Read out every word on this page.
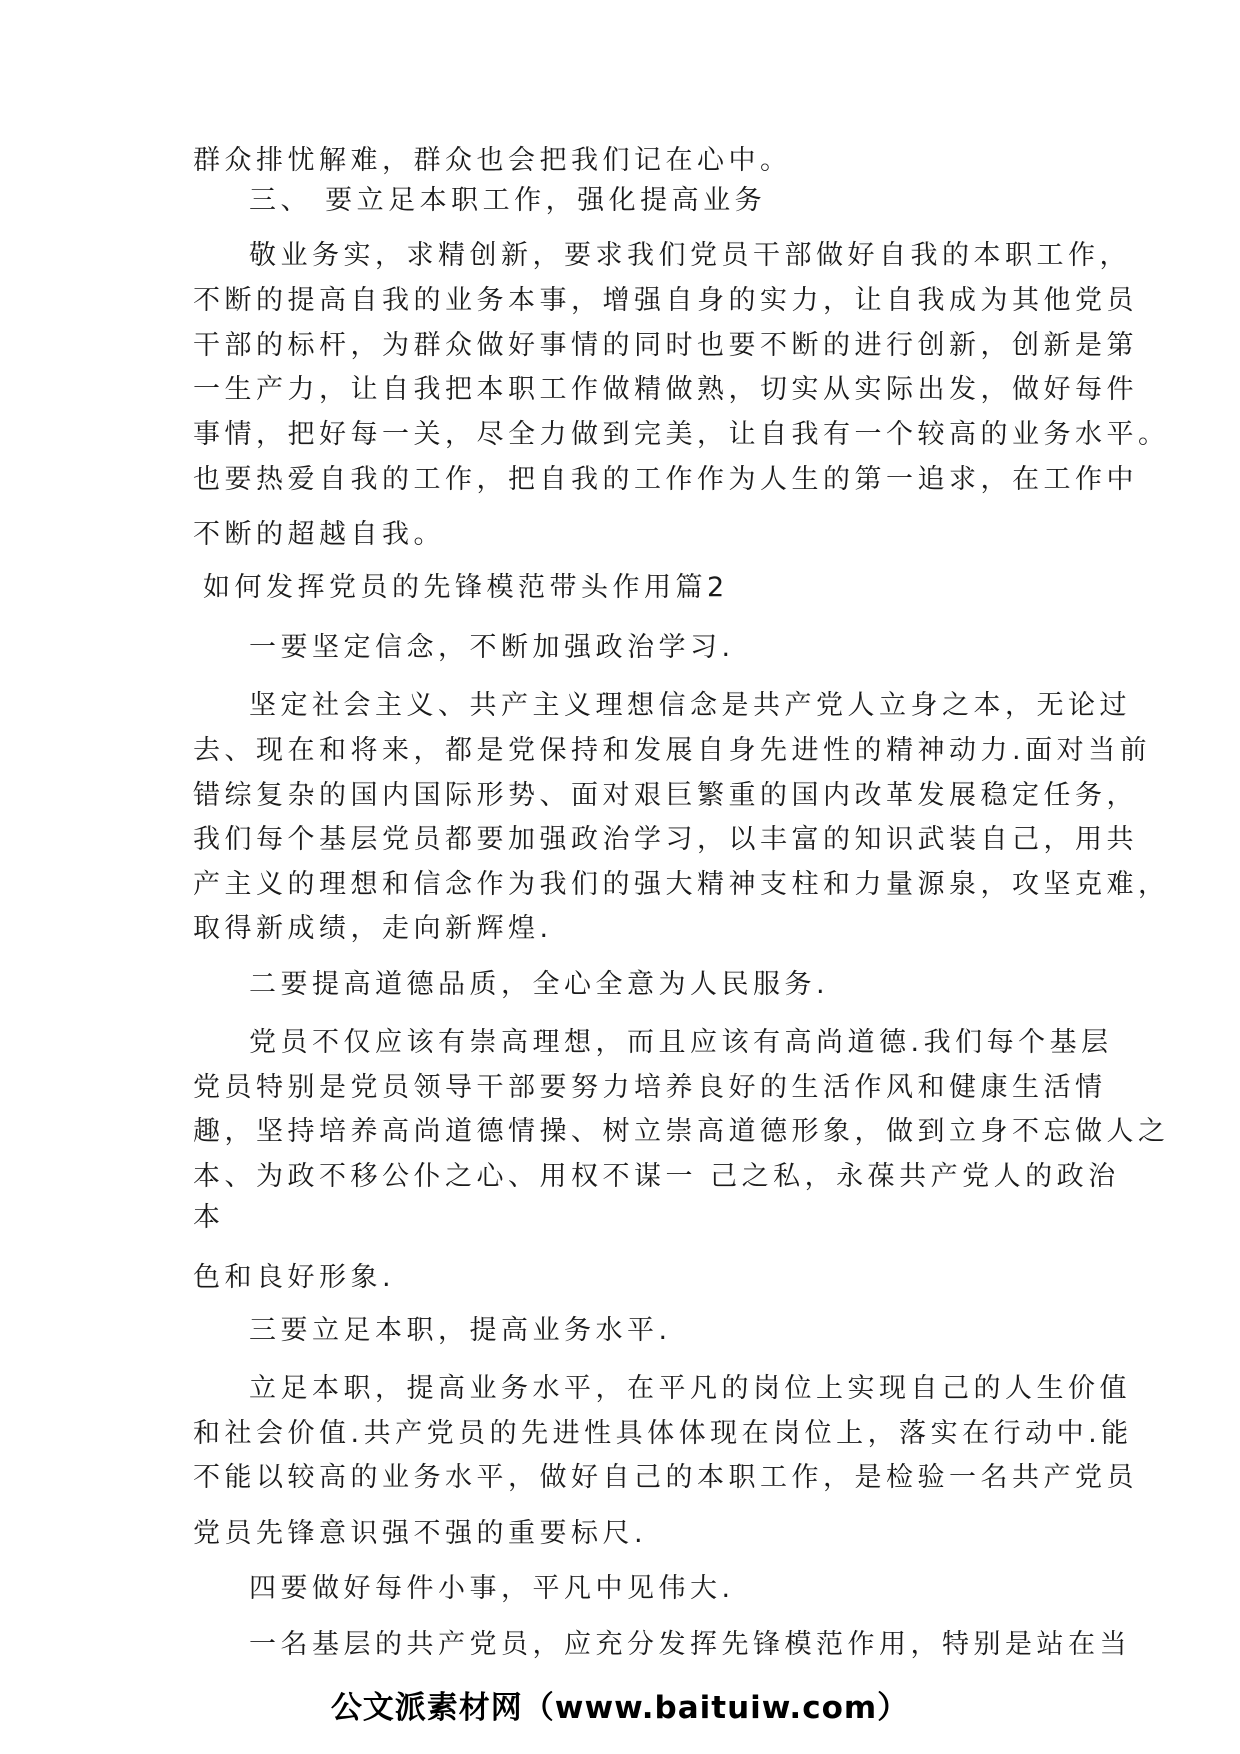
群众排忧解难，群众也会把我们记在心中。
三、 要立足本职工作，强化提高业务
敬业务实，求精创新，要求我们党员干部做好自我的本职工作，
不断的提高自我的业务本事，增强自身的实力，让自我成为其他党员
干部的标杆，为群众做好事情的同时也要不断的进行创新，创新是第
一生产力，让自我把本职工作做精做熟，切实从实际出发，做好每件
事情，把好每一关，尽全力做到完美，让自我有一个较高的业务水平。
也要热爱自我的工作，把自我的工作作为人生的第一追求，在工作中
不断的超越自我。
如何发挥党员的先锋模范带头作用篇2
一要坚定信念，不断加强政治学习.
坚定社会主义、共产主义理想信念是共产党人立身之本，无论过
去、现在和将来，都是党保持和发展自身先进性的精神动力.面对当前
错综复杂的国内国际形势、面对艰巨繁重的国内改革发展稳定任务，
我们每个基层党员都要加强政治学习，以丰富的知识武装自己，用共
产主义的理想和信念作为我们的强大精神支柱和力量源泉，攻坚克难，
取得新成绩，走向新辉煌.
二要提高道德品质，全心全意为人民服务.
党员不仅应该有崇高理想，而且应该有高尚道德.我们每个基层
党员特别是党员领导干部要努力培养良好的生活作风和健康生活情
趣，坚持培养高尚道德情操、树立崇高道德形象，做到立身不忘做人之
本、为政不移公仆之心、用权不谋一 己之私，永葆共产党人的政治
本
色和良好形象.
三要立足本职，提高业务水平.
立足本职，提高业务水平，在平凡的岗位上实现自己的人生价值
和社会价值.共产党员的先进性具体体现在岗位上，落实在行动中.能
不能以较高的业务水平，做好自己的本职工作，是检验一名共产党员
党员先锋意识强不强的重要标尺.
四要做好每件小事，平凡中见伟大.
一名基层的共产党员，应充分发挥先锋模范作用，特别是站在当
公文派素材网（www.baituiw.com）
